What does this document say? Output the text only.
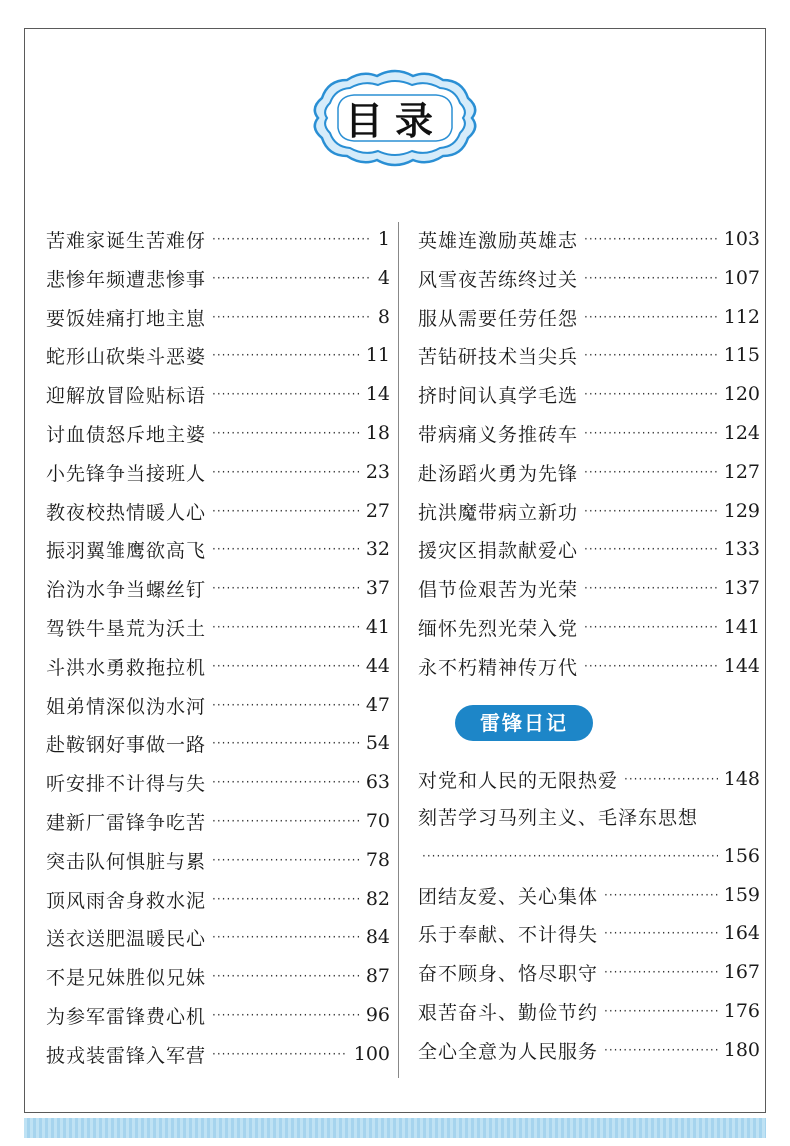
目录
苦难家诞生苦难伢 ·····	1
悲惨年频遭悲惨事 ·····	4
要饭娃痛打地主崽 ·····	8
蛇形山砍柴斗恶婆 ·····	11
迎解放冒险贴标语 ·····	14
讨血债怒斥地主婆 ·····	18
小先锋争当接班人 ·····	23
教夜校热情暖人心 ·····	27
振羽翼雏鹰欲高飞 ·····	32
治沩水争当螺丝钉 ·····	37
驾铁牛垦荒为沃土 ·····	41
斗洪水勇救拖拉机 ·····	44
姐弟情深似沩水河 ·····	47
赴鞍钢好事做一路 ·····	54
听安排不计得与失 ·····	63
建新厂雷锋争吃苦 ·····	70
突击队何惧脏与累 ·····	78
顶风雨舍身救水泥 ·····	82
送衣送肥温暖民心 ·····	84
不是兄妹胜似兄妹 ·····	87
为参军雷锋费心机 ·····	96
披戎装雷锋入军营 ·····	100
英雄连激励英雄志 ·····	103
风雪夜苦练终过关 ·····	107
服从需要任劳任怨 ·····	112
苦钻研技术当尖兵 ·····	115
挤时间认真学毛选 ·····	120
带病痛义务推砖车 ·····	124
赴汤蹈火勇为先锋 ·····	127
抗洪魔带病立新功 ·····	129
援灾区捐款献爱心 ·····	133
倡节俭艰苦为光荣 ·····	137
缅怀先烈光荣入党 ·····	141
永不朽精神传万代 ·····	144
雷锋日记
对党和人民的无限热爱 ·····	148
刻苦学习马列主义、毛泽东思想
·····
156
团结友爱、关心集体 ·····	159
乐于奉献、不计得失 ·····	164
奋不顾身、恪尽职守 ·····	167
艰苦奋斗、勤俭节约 ·····	176
全心全意为人民服务 ·····	180
